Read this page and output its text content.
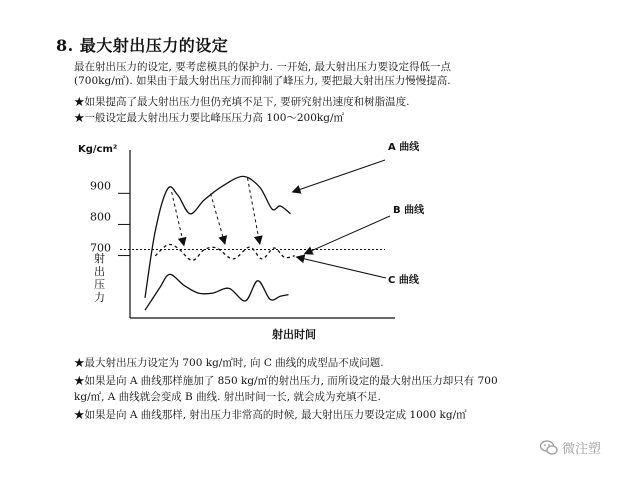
8. 最大射出压力的设定
最在射出压力的设定, 要考虑模具的保护力. 一开始, 最大射出压力要设定得低一点
(700kg/㎡). 如果由于最大射出压力而抑制了峰压力, 要把最大射出压力慢慢提高.
★如果提高了最大射出压力但仍充填不足下, 要研究射出速度和树脂温度.
★一般设定最大射出压力要比峰压压力高 100～200kg/㎡
Kg/cm²
700
800
900
射
出
压
力
射出时间
A 曲线
B 曲线
C 曲线
★最大射出压力设定为 700 kg/㎡时, 向 C 曲线的成型品不成问题.
★如果是向 A 曲线那样施加了 850 kg/㎡的射出压力, 而所设定的最大射出压力却只有 700
kg/㎡, A 曲线就会变成 B 曲线. 射出时间一长, 就会成为充填不足.
★如果是向 A 曲线那样, 射出压力非常高的时候, 最大射出压力要设定成 1000 kg/㎡
微注塑
